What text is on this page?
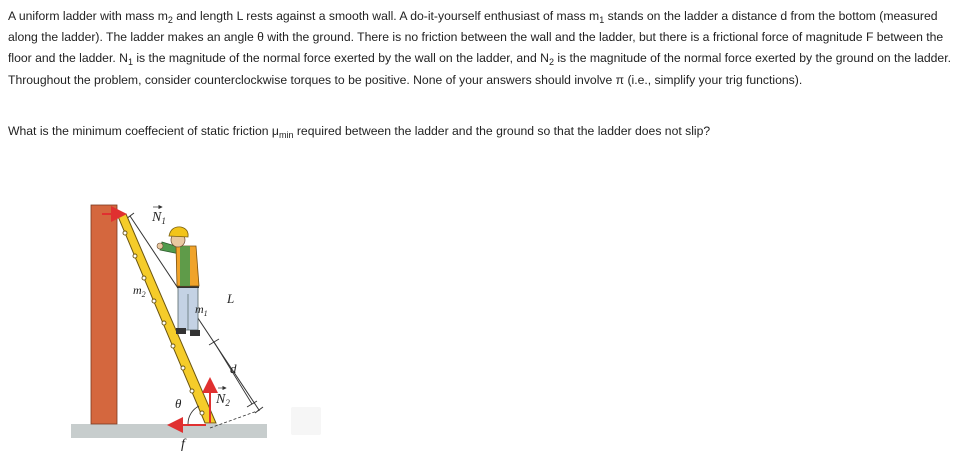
A uniform ladder with mass $m_2$ and length L rests against a smooth wall. A do-it-yourself enthusiast of mass $m_1$ stands on the ladder a distance d from the bottom (measured along the ladder). The ladder makes an angle θ with the ground. There is no friction between the wall and the ladder, but there is a frictional force of magnitude F between the floor and the ladder. $N_1$ is the magnitude of the normal force exerted by the wall on the ladder, and $N_2$ is the magnitude of the normal force exerted by the ground on the ladder. Throughout the problem, consider counterclockwise torques to be positive. None of your answers should involve π (i.e., simplify your trig functions).
What is the minimum coeffecient of static friction $\mu_{min}$ required between the ladder and the ground so that the ladder does not slip?
$N_1$
$m_2$
$m_1$
L
d
θ $N_2$
f
